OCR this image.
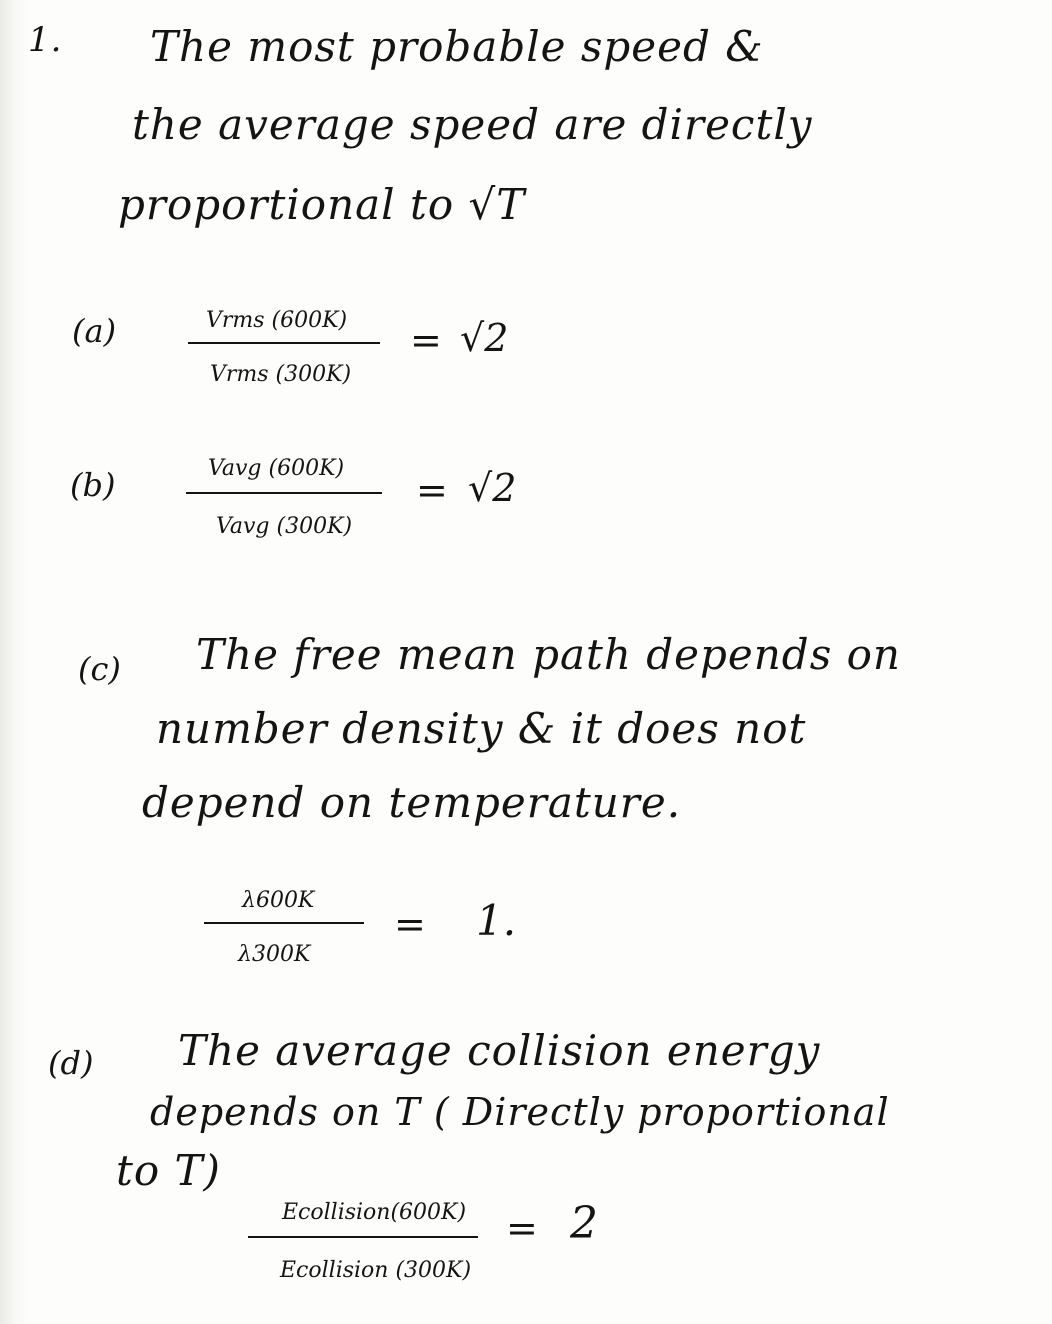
1. The most probable speed &
the average speed are directly
proportional to √T
(a)	Vrms (600K)
Vrms (300K)
= √2
(b)	Vavg (600K)
Vavg (300K)
= √2
(c) The free mean path depends on
number density & it does not
depend on temperature.
λ600K
λ300K
= 1.
(d) The average collision energy
depends on T ( Directly proportional
to T)
Ecollision(600K)
Ecollision (300K)
= 2
